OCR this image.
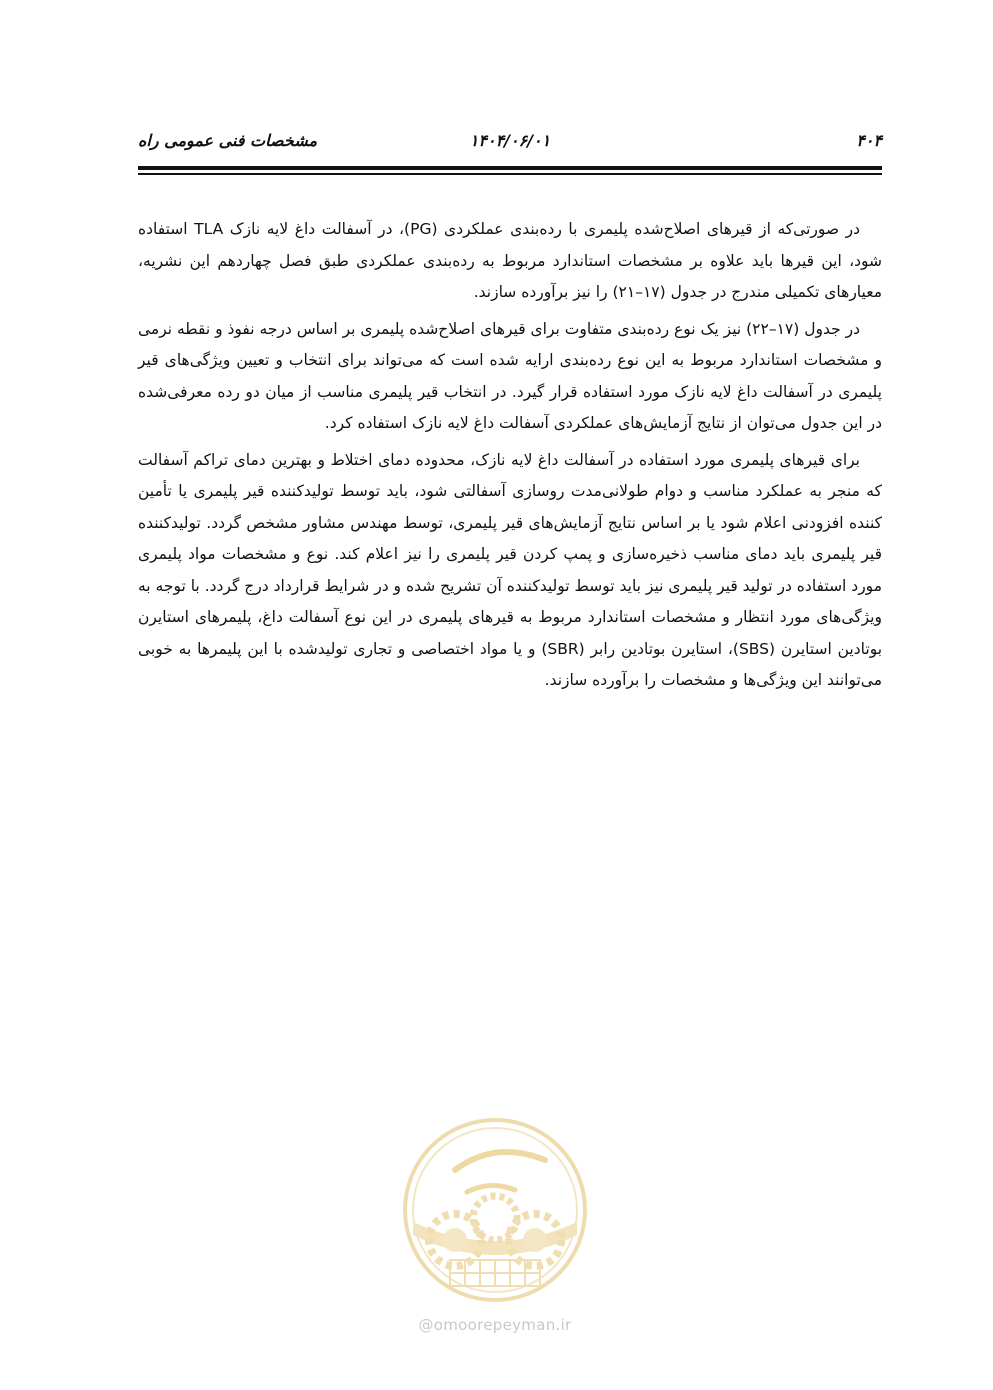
۴۰۴
۱۴۰۴/۰۶/۰۱
مشخصات فنی عمومی راه

در صورتی‌که از قیرهای اصلاح‌شده پلیمری با رده‌بندی عملکردی (PG)، در آسفالت داغ لایه نازک TLA استفاده شود، این قیرها باید علاوه بر مشخصات استاندارد مربوط به رده‌بندی عملکردی طبق فصل چهاردهم این نشریه، معیارهای تکمیلی مندرج در جدول (۱۷–۲۱) را نیز برآورده سازند.

در جدول (۱۷–۲۲) نیز یک نوع رده‌بندی متفاوت برای قیرهای اصلاح‌شده پلیمری بر اساس درجه نفوذ و نقطه نرمی و مشخصات استاندارد مربوط به این نوع رده‌بندی ارایه شده است که می‌تواند برای انتخاب و تعیین ویژگی‌های قیر پلیمری در آسفالت داغ لایه نازک مورد استفاده قرار گیرد. در انتخاب قیر پلیمری مناسب از میان دو رده معرفی‌شده در این جدول می‌توان از نتایج آزمایش‌های عملکردی آسفالت داغ لایه نازک استفاده کرد.

برای قیرهای پلیمری مورد استفاده در آسفالت داغ لایه نازک، محدوده دمای اختلاط و بهترین دمای تراکم آسفالت که منجر به عملکرد مناسب و دوام طولانی‌مدت روسازی آسفالتی شود، باید توسط تولیدکننده قیر پلیمری یا تأمین کننده افزودنی اعلام شود یا بر اساس نتایج آزمایش‌های قیر پلیمری، توسط مهندس مشاور مشخص گردد. تولیدکننده قیر پلیمری باید دمای مناسب ذخیره‌سازی و پمپ کردن قیر پلیمری را نیز اعلام کند. نوع و مشخصات مواد پلیمری مورد استفاده در تولید قیر پلیمری نیز باید توسط تولیدکننده آن تشریح شده و در شرایط قرارداد درج گردد. با توجه به ویژگی‌های مورد انتظار و مشخصات استاندارد مربوط به قیرهای پلیمری در این نوع آسفالت داغ، پلیمرهای استایرن بوتادین استایرن (SBS)، استایرن بوتادین رابر (SBR) و یا مواد اختصاصی و تجاری تولیدشده با این پلیمرها به خوبی می‌توانند این ویژگی‌ها و مشخصات را برآورده سازند.

@omoorepeyman.ir
